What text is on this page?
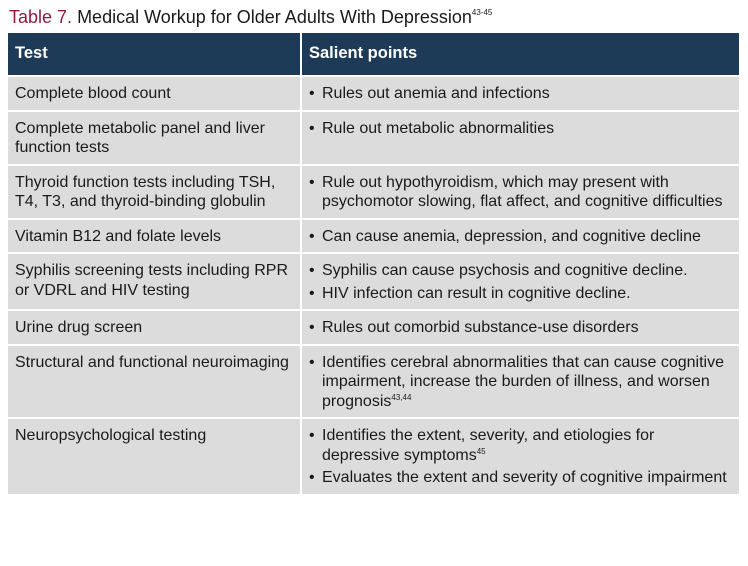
Table 7. Medical Workup for Older Adults With Depression$^{43-45}$
Test	Salient points
Complete blood count	• Rules out anemia and infections

Complete metabolic panel and liver function tests	• Rule out metabolic abnormalities

Thyroid function tests including TSH, T4, T3, and thyroid-binding globulin	• Rule out hypothyroidism, which may present with psychomotor slowing, flat affect, and cognitive difficulties

Vitamin B12 and folate levels	• Can cause anemia, depression, and cognitive decline

Syphilis screening tests including RPR or VDRL and HIV testing	• Syphilis can cause psychosis and cognitive decline.
• HIV infection can result in cognitive decline.

Urine drug screen	• Rules out comorbid substance-use disorders

Structural and functional neuroimaging	• Identifies cerebral abnormalities that can cause cognitive impairment, increase the burden of illness, and worsen prognosis$^{43,44}$

Neuropsychological testing	• Identifies the extent, severity, and etiologies for depressive symptoms$^{45}$
• Evaluates the extent and severity of cognitive impairment
